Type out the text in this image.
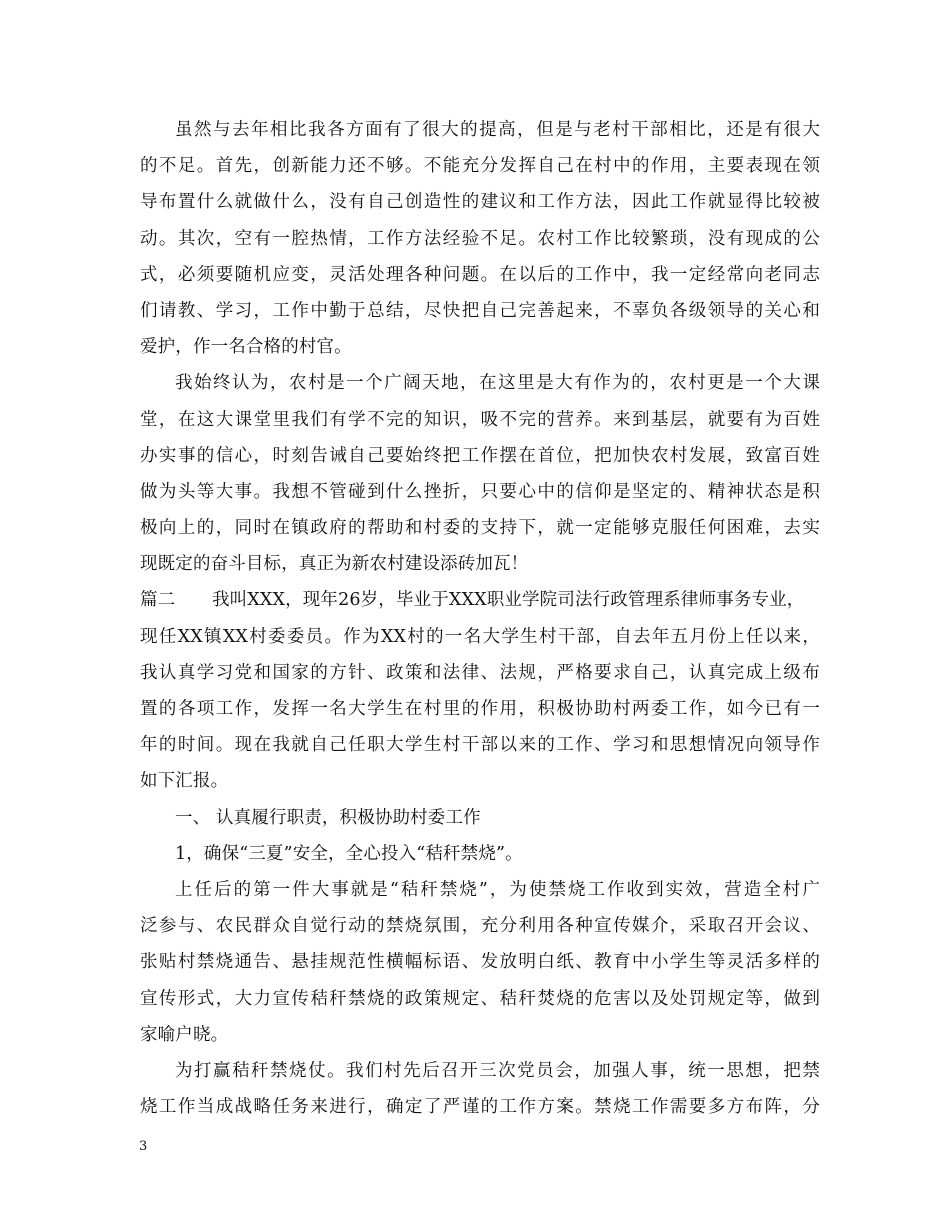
虽然与去年相比我各方面有了很大的提高，但是与老村干部相比，还是有很大
的不足。首先，创新能力还不够。不能充分发挥自己在村中的作用，主要表现在领
导布置什么就做什么，没有自己创造性的建议和工作方法，因此工作就显得比较被
动。其次，空有一腔热情，工作方法经验不足。农村工作比较繁琐，没有现成的公
式，必须要随机应变，灵活处理各种问题。在以后的工作中，我一定经常向老同志
们请教、学习，工作中勤于总结，尽快把自己完善起来，不辜负各级领导的关心和
爱护，作一名合格的村官。
我始终认为，农村是一个广阔天地，在这里是大有作为的，农村更是一个大课
堂，在这大课堂里我们有学不完的知识，吸不完的营养。来到基层，就要有为百姓
办实事的信心，时刻告诫自己要始终把工作摆在首位，把加快农村发展，致富百姓
做为头等大事。我想不管碰到什么挫折，只要心中的信仰是坚定的、精神状态是积
极向上的，同时在镇政府的帮助和村委的支持下，就一定能够克服任何困难，去实
现既定的奋斗目标，真正为新农村建设添砖加瓦！
篇二 我叫XXX，现年26岁，毕业于XXX职业学院司法行政管理系律师事务专业，
现任XX镇XX村委委员。作为XX村的一名大学生村干部，自去年五月份上任以来，
我认真学习党和国家的方针、政策和法律、法规，严格要求自己，认真完成上级布
置的各项工作，发挥一名大学生在村里的作用，积极协助村两委工作，如今已有一
年的时间。现在我就自己任职大学生村干部以来的工作、学习和思想情况向领导作
如下汇报。
一、 认真履行职责，积极协助村委工作
1，确保“三夏”安全，全心投入“秸秆禁烧”。
上任后的第一件大事就是“秸秆禁烧”，为使禁烧工作收到实效，营造全村广
泛参与、农民群众自觉行动的禁烧氛围，充分利用各种宣传媒介，采取召开会议、
张贴村禁烧通告、悬挂规范性横幅标语、发放明白纸、教育中小学生等灵活多样的
宣传形式，大力宣传秸秆禁烧的政策规定、秸秆焚烧的危害以及处罚规定等，做到
家喻户晓。
为打赢秸秆禁烧仗。我们村先后召开三次党员会，加强人事，统一思想，把禁
烧工作当成战略任务来进行，确定了严谨的工作方案。禁烧工作需要多方布阵，分
3
